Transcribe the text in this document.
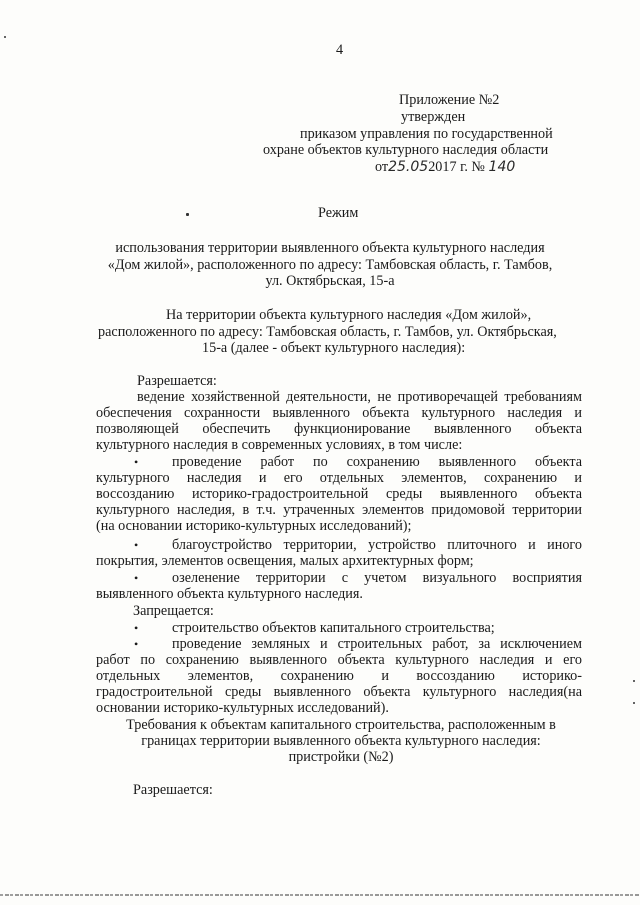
4
Приложение №2
утвержден
приказом управления по государственной
охране объектов культурного наследия области
от25.052017 г. № 140
Режим
использования территории выявленного объекта культурного наследия
«Дом жилой», расположенного по адресу: Тамбовская область, г. Тамбов,
ул. Октябрьская, 15-а
На территории объекта культурного наследия «Дом жилой»,
расположенного по адресу: Тамбовская область, г. Тамбов, ул. Октябрьская,
15-а (далее - объект культурного наследия):
Разрешается:
ведение хозяйственной деятельности, не противоречащей требованиям
обеспечения сохранности выявленного объекта культурного наследия и
позволяющей обеспечить функционирование выявленного объекта
культурного наследия в современных условиях, в том числе:
• проведение работ по сохранению выявленного объекта
культурного наследия и его отдельных элементов, сохранению и
воссозданию историко-градостроительной среды выявленного объекта
культурного наследия, в т.ч. утраченных элементов придомовой территории
(на основании историко-культурных исследований);
• благоустройство территории, устройство плиточного и иного
покрытия, элементов освещения, малых архитектурных форм;
• озеленение территории с учетом визуального восприятия
выявленного объекта культурного наследия.
Запрещается:
• строительство объектов капитального строительства;
• проведение земляных и строительных работ, за исключением
работ по сохранению выявленного объекта культурного наследия и его
отдельных элементов, сохранению и воссозданию историко-
градостроительной среды выявленного объекта культурного наследия(на
основании историко-культурных исследований).
Требования к объектам капитального строительства, расположенным в
границах территории выявленного объекта культурного наследия:
пристройки (№2)
Разрешается:
